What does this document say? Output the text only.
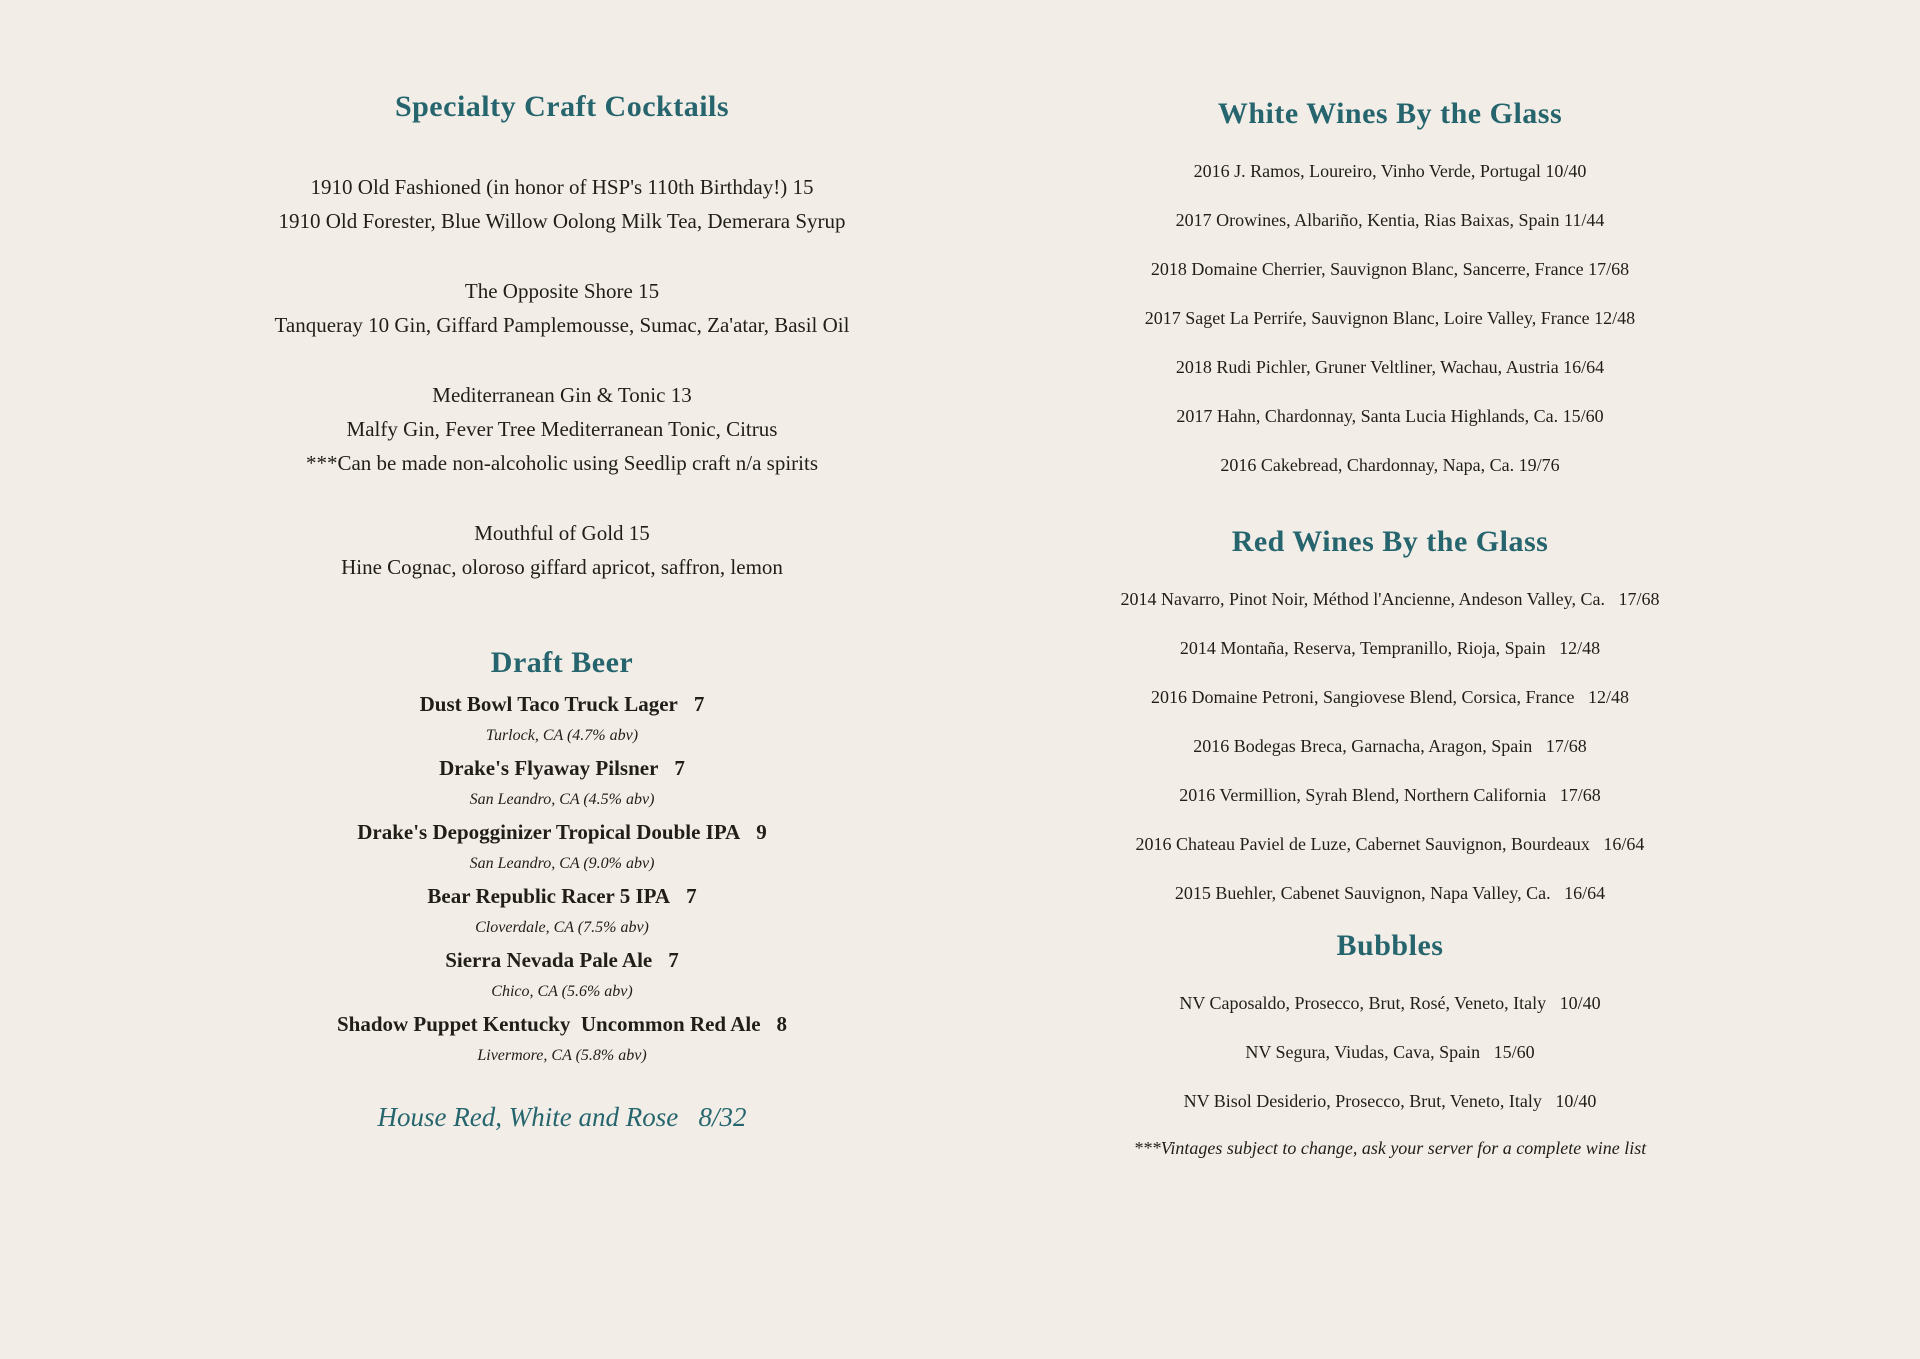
Specialty Craft Cocktails

1910 Old Fashioned (in honor of HSP's 110th Birthday!) 15

1910 Old Forester, Blue Willow Oolong Milk Tea, Demerara Syrup

The Opposite Shore 15

Tanqueray 10 Gin, Giffard Pamplemousse, Sumac, Za'atar, Basil Oil

Mediterranean Gin & Tonic 13

Malfy Gin, Fever Tree Mediterranean Tonic, Citrus

***Can be made non-alcoholic using Seedlip craft n/a spirits

Mouthful of Gold 15

Hine Cognac, oloroso giffard apricot, saffron, lemon

Draft Beer

Dust Bowl Taco Truck Lager 7

Turlock, CA (4.7% abv)

Drake's Flyaway Pilsner 7

San Leandro, CA (4.5% abv)

Drake's Depogginizer Tropical Double IPA 9

San Leandro, CA (9.0% abv)

Bear Republic Racer 5 IPA 7

Cloverdale, CA (7.5% abv)

Sierra Nevada Pale Ale 7

Chico, CA (5.6% abv)

Shadow Puppet Kentucky  Uncommon Red Ale 8

Livermore, CA (5.8% abv)

House Red, White and Rose   8/32

White Wines By the Glass

2016 J. Ramos, Loureiro, Vinho Verde, Portugal 10/40

2017 Orowines, Albariño, Kentia, Rias Baixas, Spain 11/44

2018 Domaine Cherrier, Sauvignon Blanc, Sancerre, France 17/68

2017 Saget La Perriŕe, Sauvignon Blanc, Loire Valley, France 12/48

2018 Rudi Pichler, Gruner Veltliner, Wachau, Austria 16/64

2017 Hahn, Chardonnay, Santa Lucia Highlands, Ca. 15/60

2016 Cakebread, Chardonnay, Napa, Ca. 19/76

Red Wines By the Glass

2014 Navarro, Pinot Noir, Méthod l'Ancienne, Andeson Valley, Ca.   17/68

2014 Montaña, Reserva, Tempranillo, Rioja, Spain   12/48

2016 Domaine Petroni, Sangiovese Blend, Corsica, France   12/48

2016 Bodegas Breca, Garnacha, Aragon, Spain   17/68

2016 Vermillion, Syrah Blend, Northern California   17/68

2016 Chateau Paviel de Luze, Cabernet Sauvignon, Bourdeaux   16/64

2015 Buehler, Cabenet Sauvignon, Napa Valley, Ca.   16/64

Bubbles

NV Caposaldo, Prosecco, Brut, Rosé, Veneto, Italy   10/40

NV Segura, Viudas, Cava, Spain   15/60

NV Bisol Desiderio, Prosecco, Brut, Veneto, Italy   10/40

***Vintages subject to change, ask your server for a complete wine list
